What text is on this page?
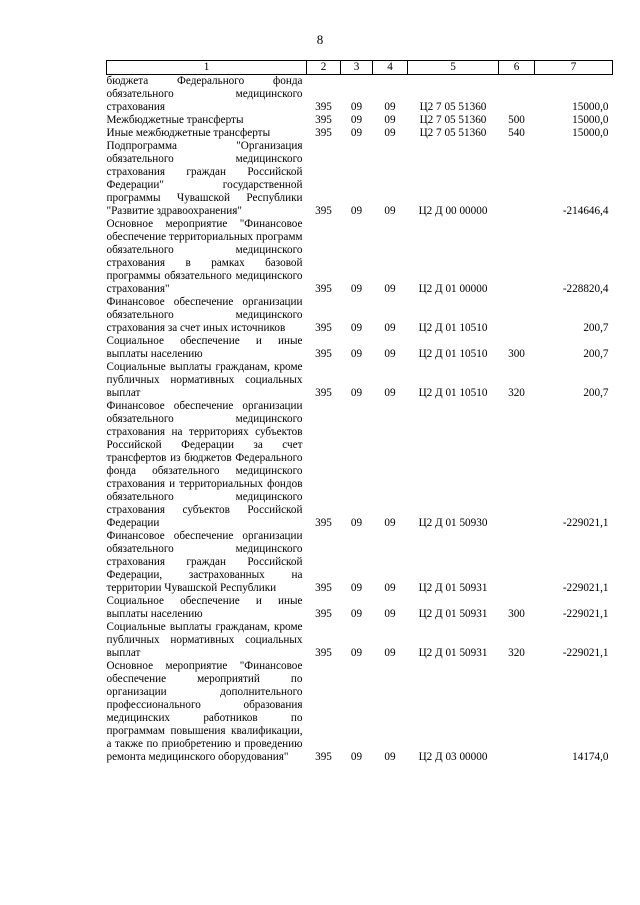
8
1	2	3	4	5	6	7
бюджета Федерального фонда обязательного медицинского страхования	395	09	09	Ц2 7 05 51360		15000,0
Межбюджетные трансферты	395	09	09	Ц2 7 05 51360	500	15000,0
Иные межбюджетные трансферты	395	09	09	Ц2 7 05 51360	540	15000,0
Подпрограмма "Организация обязательного медицинского страхования граждан Российской Федерации" государственной программы Чувашской Республики "Развитие здравоохранения"	395	09	09	Ц2 Д 00 00000		-214646,4
Основное мероприятие "Финансовое обеспечение территориальных программ обязательного медицинского страхования в рамках базовой программы обязательного медицинского страхования"	395	09	09	Ц2 Д 01 00000		-228820,4
Финансовое обеспечение организации обязательного медицинского страхования за счет иных источников	395	09	09	Ц2 Д 01 10510		200,7
Социальное обеспечение и иные выплаты населению	395	09	09	Ц2 Д 01 10510	300	200,7
Социальные выплаты гражданам, кроме публичных нормативных социальных выплат	395	09	09	Ц2 Д 01 10510	320	200,7
Финансовое обеспечение организации обязательного медицинского страхования на территориях субъектов Российской Федерации за счет трансфертов из бюджетов Федерального фонда обязательного медицинского страхования и территориальных фондов обязательного медицинского страхования субъектов Российской Федерации	395	09	09	Ц2 Д 01 50930		-229021,1
Финансовое обеспечение организации обязательного медицинского страхования граждан Российской Федерации, застрахованных на территории Чувашской Республики	395	09	09	Ц2 Д 01 50931		-229021,1
Социальное обеспечение и иные выплаты населению	395	09	09	Ц2 Д 01 50931	300	-229021,1
Социальные выплаты гражданам, кроме публичных нормативных социальных выплат	395	09	09	Ц2 Д 01 50931	320	-229021,1
Основное мероприятие "Финансовое обеспечение мероприятий по организации дополнительного профессионального образования медицинских работников по программам повышения квалификации, а также по приобретению и проведению ремонта медицинского оборудования"	395	09	09	Ц2 Д 03 00000		14174,0
